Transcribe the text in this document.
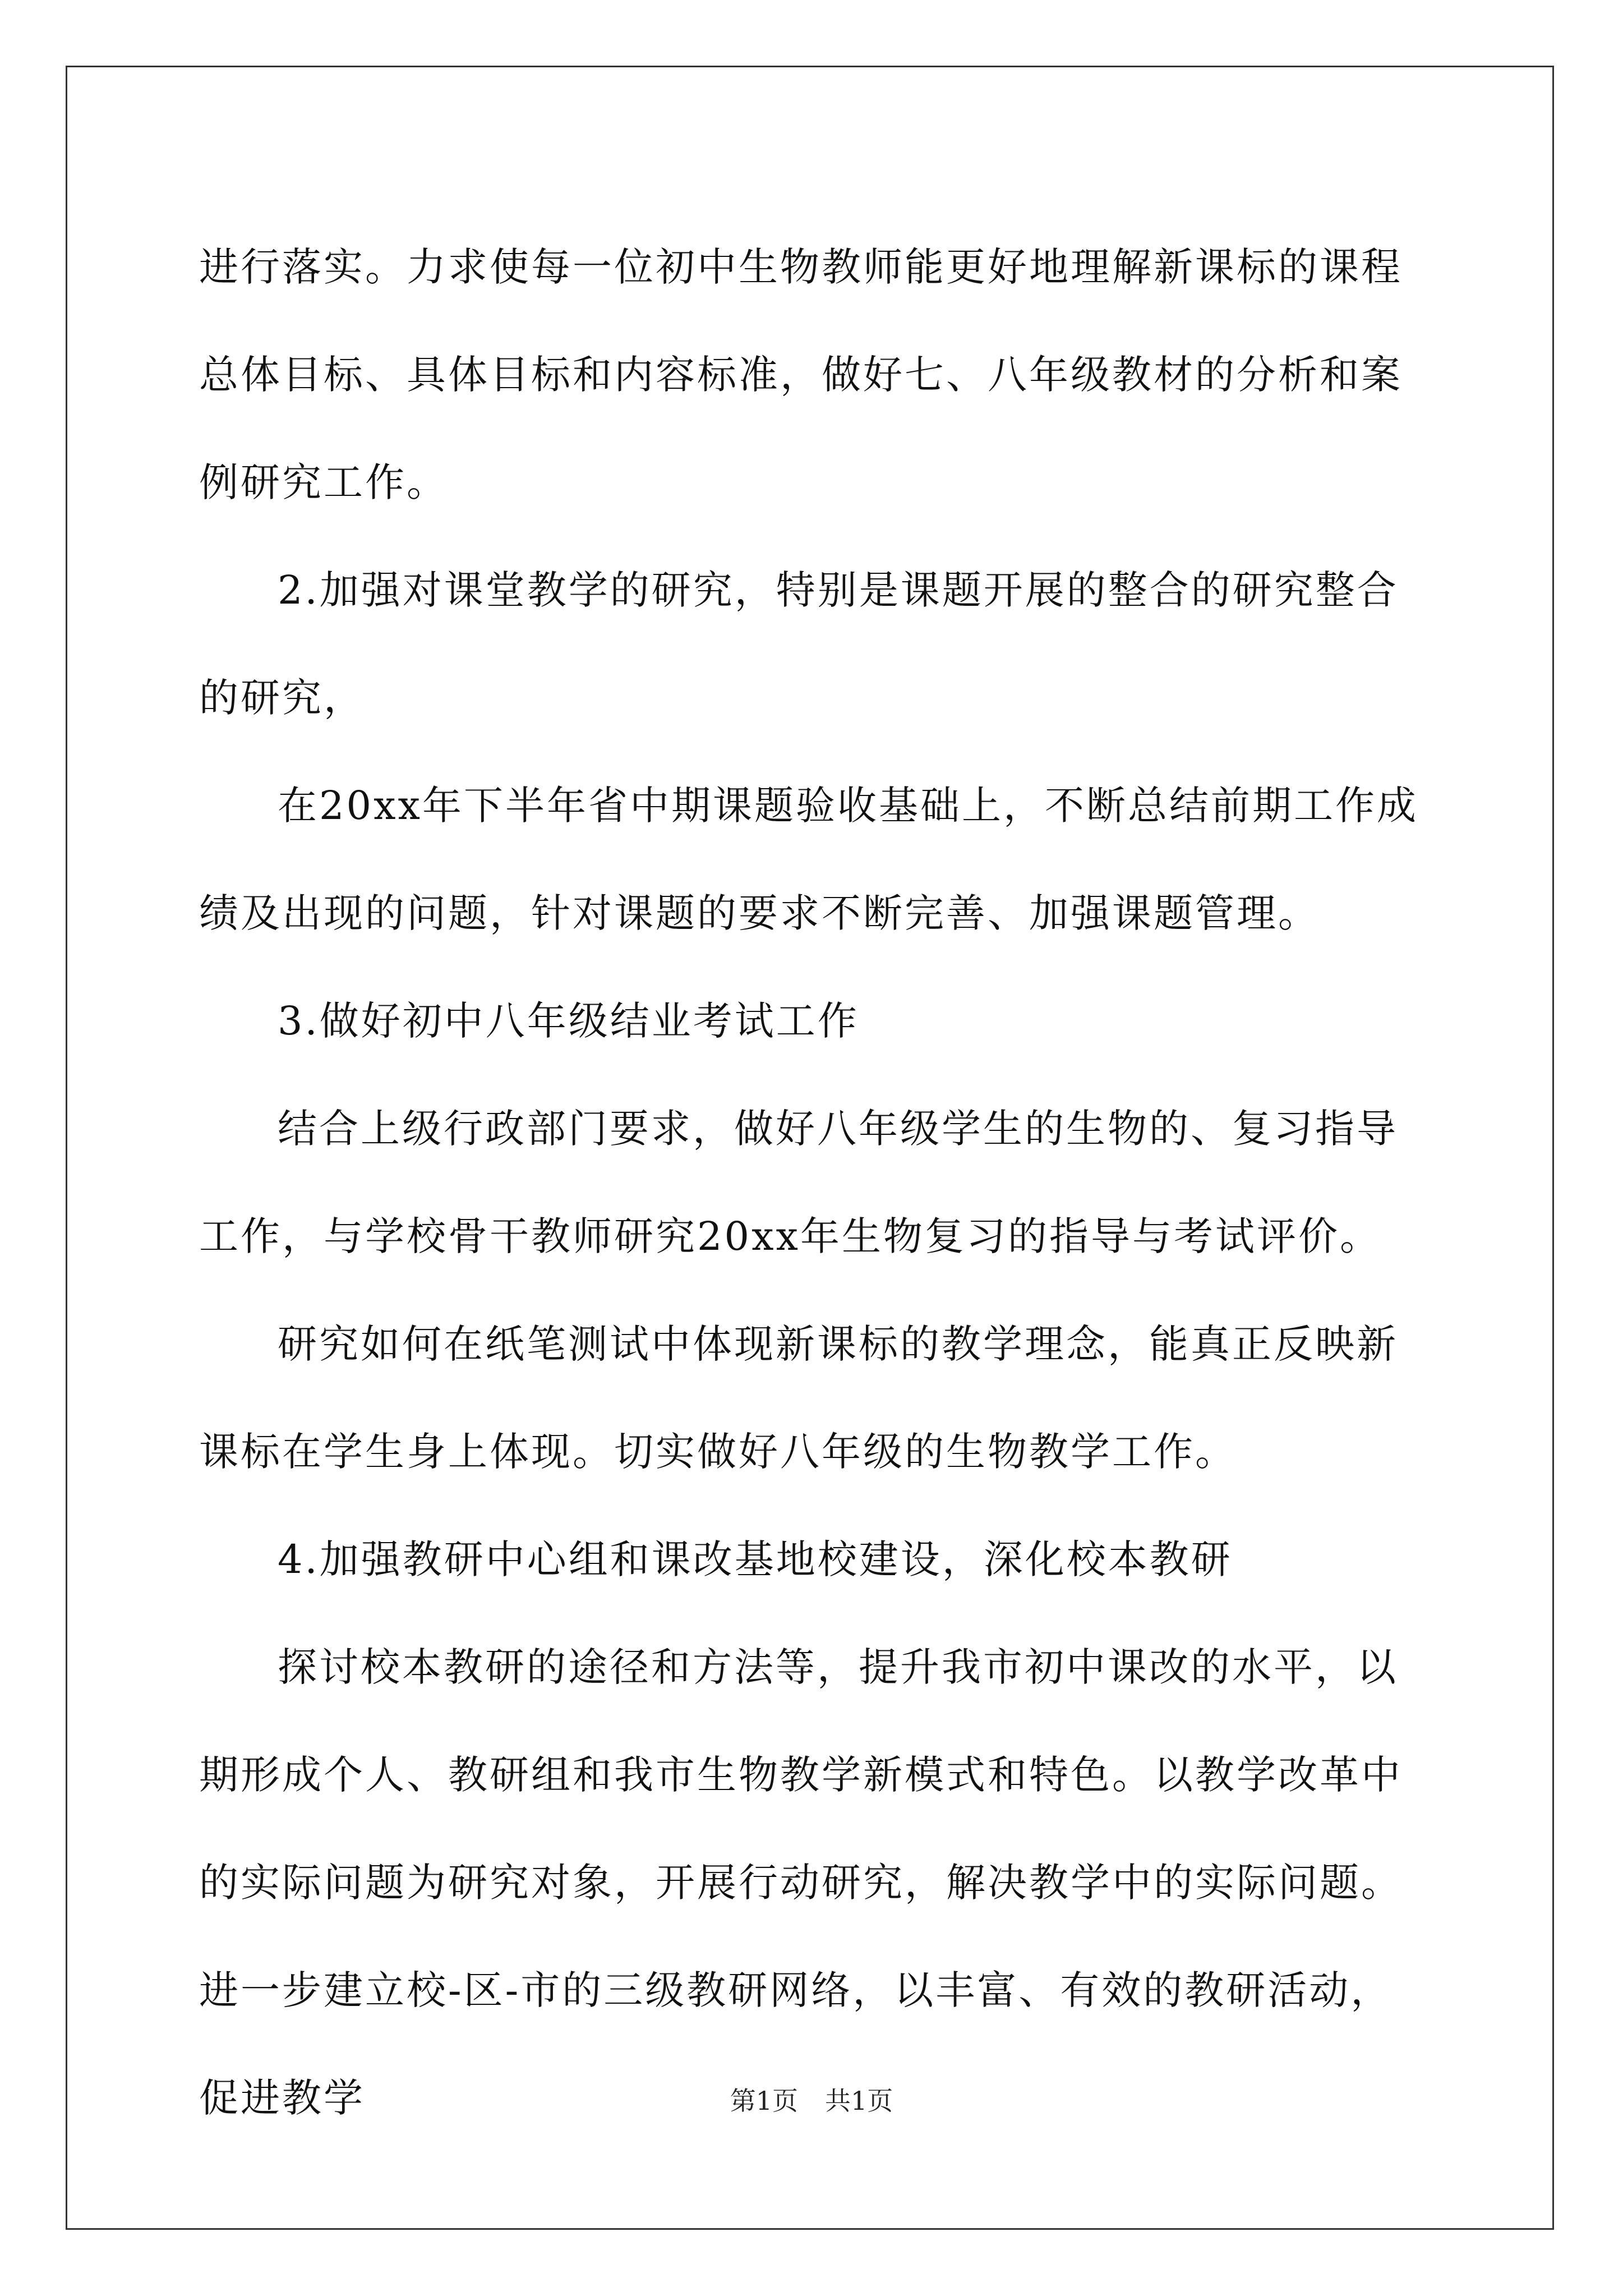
进行落实。力求使每一位初中生物教师能更好地理解新课标的课程总体目标、具体目标和内容标准，做好七、八年级教材的分析和案例研究工作。

2.加强对课堂教学的研究，特别是课题开展的整合的研究整合的研究，

在20xx年下半年省中期课题验收基础上，不断总结前期工作成绩及出现的问题，针对课题的要求不断完善、加强课题管理。

3.做好初中八年级结业考试工作

结合上级行政部门要求，做好八年级学生的生物的、复习指导工作，与学校骨干教师研究20xx年生物复习的指导与考试评价。

研究如何在纸笔测试中体现新课标的教学理念，能真正反映新课标在学生身上体现。切实做好八年级的生物教学工作。

4.加强教研中心组和课改基地校建设，深化校本教研

探讨校本教研的途径和方法等，提升我市初中课改的水平，以期形成个人、教研组和我市生物教学新模式和特色。以教学改革中的实际问题为研究对象，开展行动研究，解决教学中的实际问题。进一步建立校-区-市的三级教研网络，以丰富、有效的教研活动，促进教学	第1页 共1页
